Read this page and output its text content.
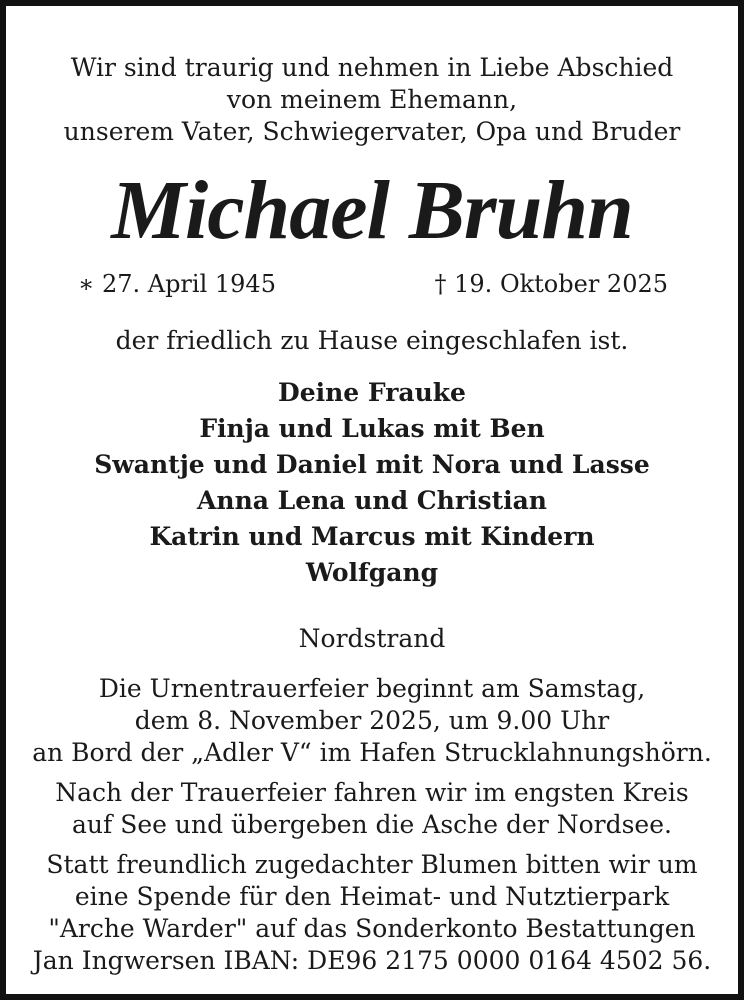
Wir sind traurig und nehmen in Liebe Abschied
von meinem Ehemann,
unserem Vater, Schwiegervater, Opa und Bruder
Michael Bruhn
∗ 27. April 1945	† 19. Oktober 2025
der friedlich zu Hause eingeschlafen ist.
Deine Frauke
Finja und Lukas mit Ben
Swantje und Daniel mit Nora und Lasse
Anna Lena und Christian
Katrin und Marcus mit Kindern
Wolfgang
Nordstrand
Die Urnentrauerfeier beginnt am Samstag,
dem 8. November 2025, um 9.00 Uhr
an Bord der „Adler V“ im Hafen Strucklahnungshörn.
Nach der Trauerfeier fahren wir im engsten Kreis
auf See und übergeben die Asche der Nordsee.
Statt freundlich zugedachter Blumen bitten wir um
eine Spende für den Heimat- und Nutztierpark
"Arche Warder" auf das Sonderkonto Bestattungen
Jan Ingwersen IBAN: DE96 2175 0000 0164 4502 56.
